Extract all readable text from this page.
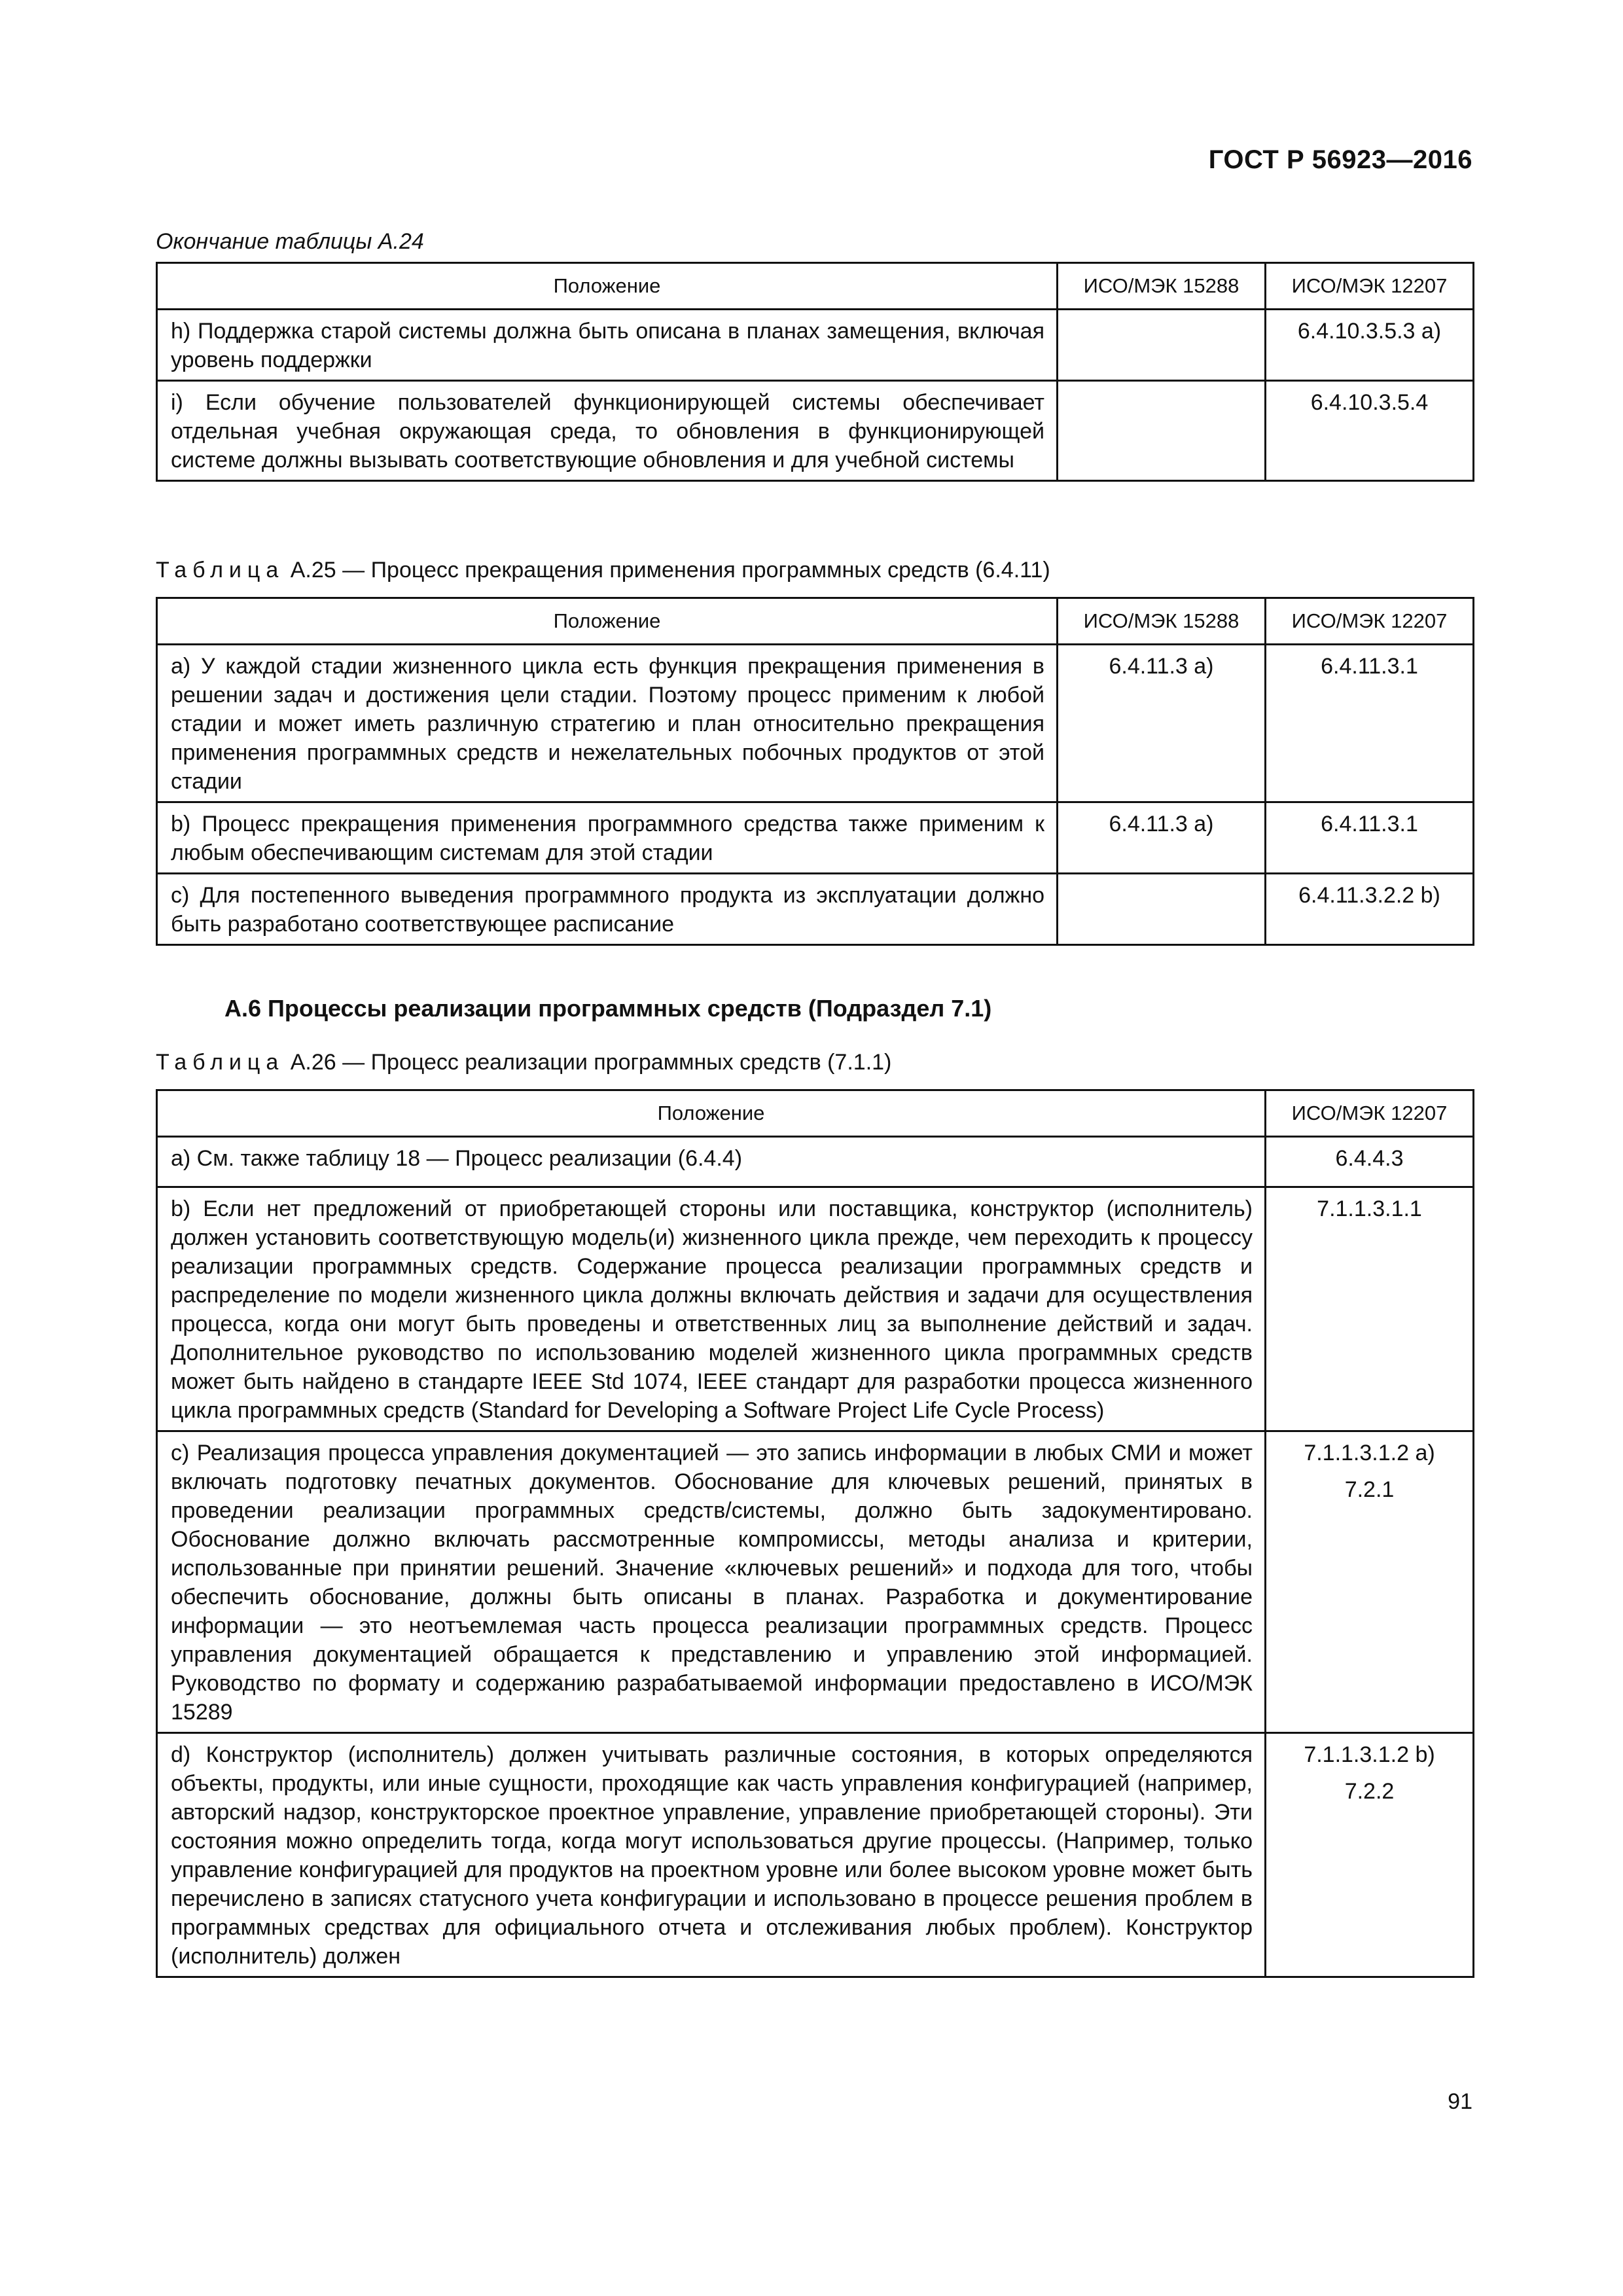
ГОСТ Р 56923—2016
Окончание таблицы А.24
Положение	ИСО/МЭК 15288	ИСО/МЭК 12207
h) Поддержка старой системы должна быть описана в планах замещения, включая уровень поддержки		6.4.10.3.5.3 a)
i) Если обучение пользователей функционирующей системы обеспечивает отдельная учебная окружающая среда, то обновления в функционирующей системе должны вызывать соответствующие обновления и для учебной системы		6.4.10.3.5.4
Таблица А.25 — Процесс прекращения применения программных средств (6.4.11)
Положение	ИСО/МЭК 15288	ИСО/МЭК 12207
a) У каждой стадии жизненного цикла есть функция прекращения применения в решении задач и достижения цели стадии. Поэтому процесс применим к любой стадии и может иметь различную стратегию и план относительно прекращения применения программных средств и нежелательных побочных продуктов от этой стадии	6.4.11.3 a)	6.4.11.3.1
b) Процесс прекращения применения программного средства также применим к любым обеспечивающим системам для этой стадии	6.4.11.3 a)	6.4.11.3.1
c) Для постепенного выведения программного продукта из эксплуатации должно быть разработано соответствующее расписание		6.4.11.3.2.2 b)
А.6 Процессы реализации программных средств (Подраздел 7.1)
Таблица А.26 — Процесс реализации программных средств (7.1.1)
Положение	ИСО/МЭК 12207
a) См. также таблицу 18 — Процесс реализации (6.4.4)	6.4.4.3

b) Если нет предложений от приобретающей стороны или поставщика, конструктор (исполнитель) должен установить соответствующую модель(и) жизненного цикла прежде, чем переходить к процессу реализации программных средств. Содержание процесса реализации программных средств и распределение по модели жизненного цикла должны включать действия и задачи для осуществления процесса, когда они могут быть проведены и ответственных лиц за выполнение действий и задач. Дополнительное руководство по использованию моделей жизненного цикла программных средств может быть найдено в стандарте IEEE Std 1074, IEEE стандарт для разработки процесса жизненного цикла программных средств (Standard for Developing a Software Project Life Cycle Process)	7.1.1.3.1.1

c) Реализация процесса управления документацией — это запись информации в любых СМИ и может включать подготовку печатных документов. Обоснование для ключевых решений, принятых в проведении реализации программных средств/системы, должно быть задокументировано. Обоснование должно включать рассмотренные компромиссы, методы анализа и критерии, использованные при принятии решений. Значение «ключевых решений» и подхода для того, чтобы обеспечить обоснование, должны быть описаны в планах. Разработка и документирование информации — это неотъемлемая часть процесса реализации программных средств. Процесс управления документацией обращается к представлению и управлению этой информацией. Руководство по формату и содержанию разрабатываемой информации предоставлено в ИСО/МЭК 15289	7.1.1.3.1.2 a)
7.2.1

d) Конструктор (исполнитель) должен учитывать различные состояния, в которых определяются объекты, продукты, или иные сущности, проходящие как часть управления конфигурацией (например, авторский надзор, конструкторское проектное управление, управление приобретающей стороны). Эти состояния можно определить тогда, когда могут использоваться другие процессы. (Например, только управление конфигурацией для продуктов на проектном уровне или более высоком уровне может быть перечислено в записях статусного учета конфигурации и использовано в процессе решения проблем в программных средствах для официального отчета и отслеживания любых проблем). Конструктор (исполнитель) должен	7.1.1.3.1.2 b)
7.2.2
91
